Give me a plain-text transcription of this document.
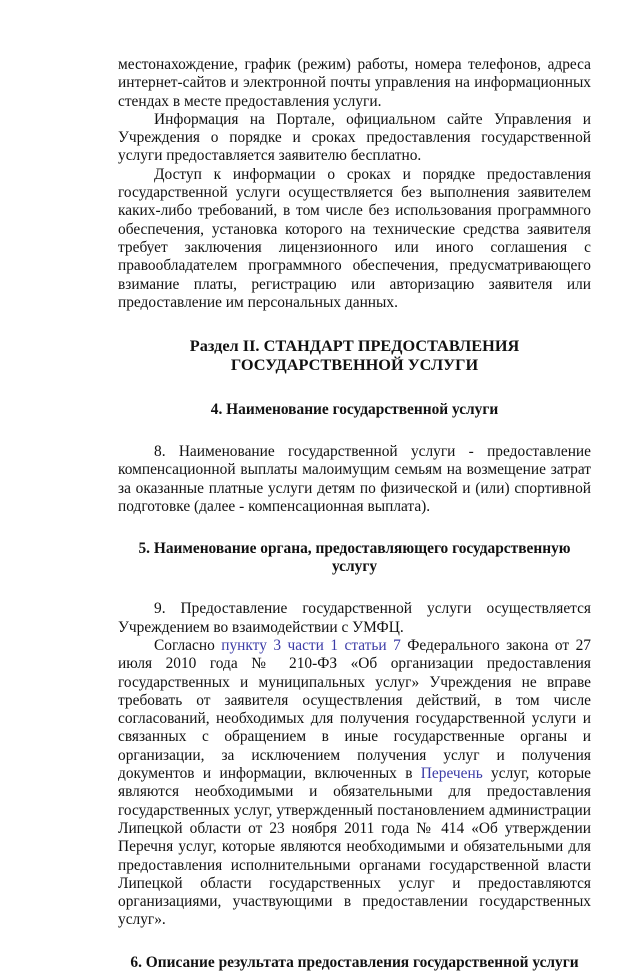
местонахождение, график (режим) работы, номера телефонов, адреса интернет-сайтов и электронной почты управления на информационных стендах в месте предоставления услуги.

Информация на Портале, официальном сайте Управления и Учреждения о порядке и сроках предоставления государственной услуги предоставляется заявителю бесплатно.

Доступ к информации о сроках и порядке предоставления государственной услуги осуществляется без выполнения заявителем каких-либо требований, в том числе без использования программного обеспечения, установка которого на технические средства заявителя требует заключения лицензионного или иного соглашения с правообладателем программного обеспечения, предусматривающего взимание платы, регистрацию или авторизацию заявителя или предоставление им персональных данных.

Раздел II. СТАНДАРТ ПРЕДОСТАВЛЕНИЯ ГОСУДАРСТВЕННОЙ УСЛУГИ
4. Наименование государственной услуги

8. Наименование государственной услуги - предоставление компенсационной выплаты малоимущим семьям на возмещение затрат за оказанные платные услуги детям по физической и (или) спортивной подготовке (далее - компенсационная выплата).

5. Наименование органа, предоставляющего государственную услугу

9. Предоставление государственной услуги осуществляется Учреждением во взаимодействии с УМФЦ.

Согласно пункту 3 части 1 статьи 7 Федерального закона от 27 июля 2010 года № 210-ФЗ «Об организации предоставления государственных и муниципальных услуг» Учреждения не вправе требовать от заявителя осуществления действий, в том числе согласований, необходимых для получения государственной услуги и связанных с обращением в иные государственные органы и организации, за исключением получения услуг и получения документов и информации, включенных в Перечень услуг, которые являются необходимыми и обязательными для предоставления государственных услуг, утвержденный постановлением администрации Липецкой области от 23 ноября 2011 года № 414 «Об утверждении Перечня услуг, которые являются необходимыми и обязательными для предоставления исполнительными органами государственной власти Липецкой области государственных услуг и предоставляются организациями, участвующими в предоставлении государственных услуг».

6. Описание результата предоставления государственной услуги
